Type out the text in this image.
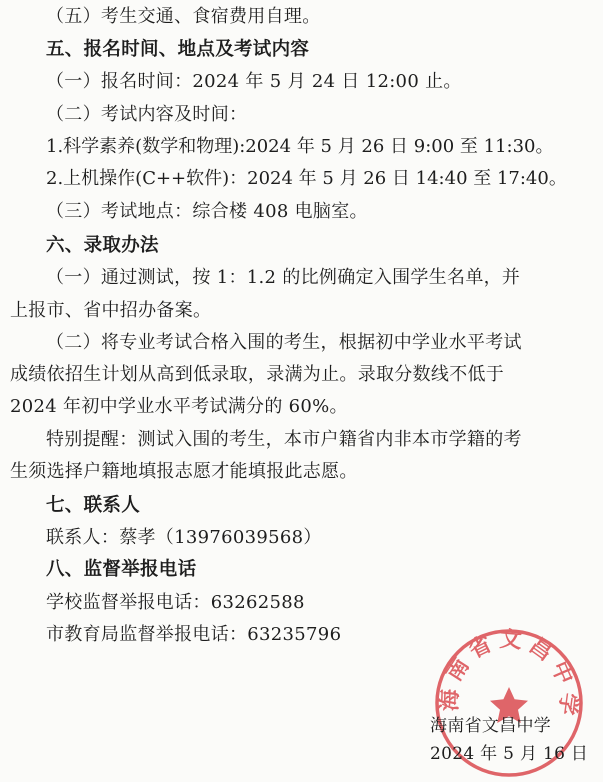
（五）考生交通、食宿费用自理。
五、报名时间、地点及考试内容
（一）报名时间：2024 年 5 月 24 日 12:00 止。
（二）考试内容及时间：
1.科学素养(数学和物理):2024 年 5 月 26 日 9:00 至 11:30。
2.上机操作(C++软件)：2024 年 5 月 26 日 14:40 至 17:40。
（三）考试地点：综合楼 408 电脑室。
六、录取办法
（一）通过测试，按 1：1.2 的比例确定入围学生名单，并
上报市、省中招办备案。
（二）将专业考试合格入围的考生，根据初中学业水平考试
成绩依招生计划从高到低录取，录满为止。录取分数线不低于
2024 年初中学业水平考试满分的 60%。
特别提醒：测试入围的考生，本市户籍省内非本市学籍的考
生须选择户籍地填报志愿才能填报此志愿。
七、联系人
联系人：蔡孝（13976039568）
八、监督举报电话
学校监督举报电话：63262588
市教育局监督举报电话：63235796
海南省文昌中学
海南省文昌中学
2024 年 5 月 16 日
